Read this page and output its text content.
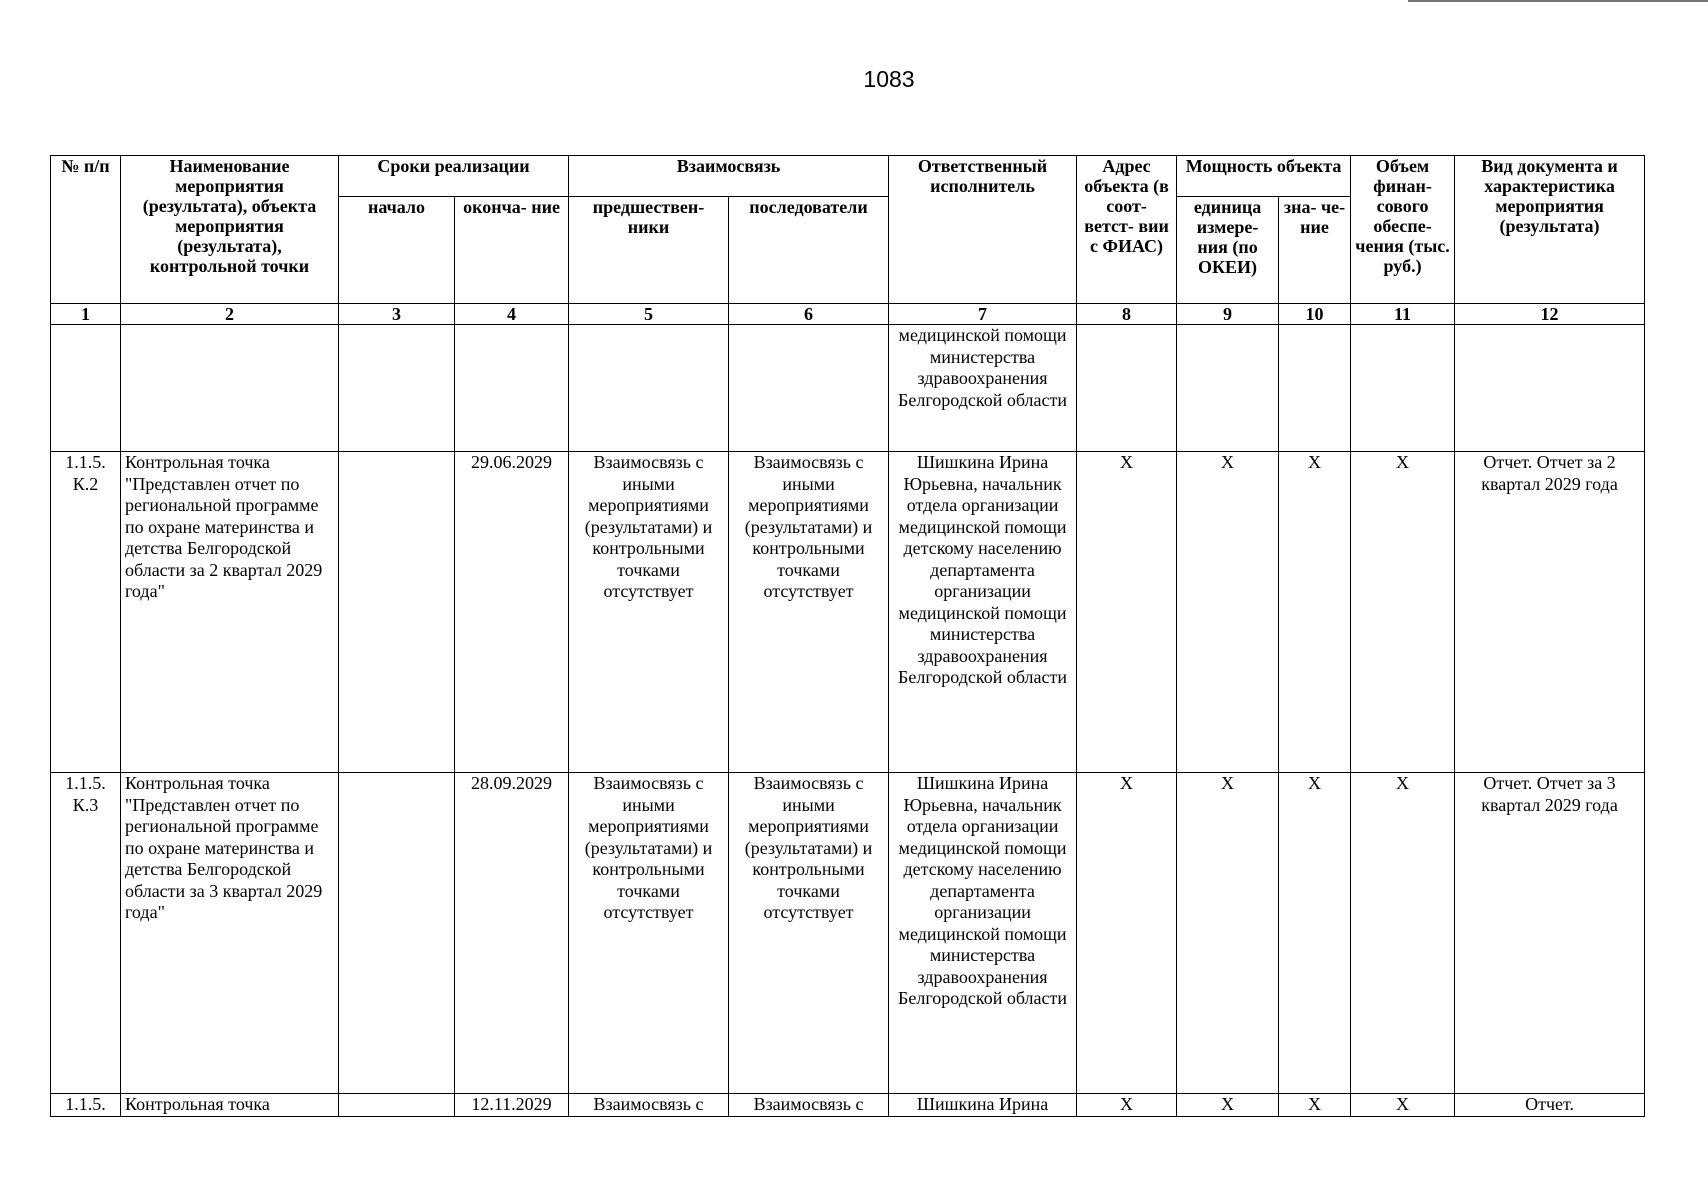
1083
№ п/п	Наименование мероприятия (результата), объекта мероприятия (результата), контрольной точки	Сроки реализации		Взаимосвязь		Ответственный исполнитель	Адрес объекта (в соот- ветст- вии с ФИАС)	Мощность объекта		Объем финан- сового обеспе- чения (тыс. руб.)	Вид документа и характеристика мероприятия (результата)
		начало	оконча- ние	предшествен- ники	последователи			единица измере- ния (по ОКЕИ)	зна- че- ние		
1	2	3	4	5	6	7	8	9	10	11	12
						медицинской помощи министерства здравоохранения Белгородской области					
1.1.5. К.2	Контрольная точка "Представлен отчет по региональной программе по охране материнства и детства Белгородской области за 2 квартал 2029 года"		29.06.2029	Взаимосвязь с иными мероприятиями (результатами) и контрольными точками отсутствует	Взаимосвязь с иными мероприятиями (результатами) и контрольными точками отсутствует	Шишкина Ирина Юрьевна, начальник отдела организации медицинской помощи детскому населению департамента организации медицинской помощи министерства здравоохранения Белгородской области	X	X	X	X	Отчет. Отчет за 2 квартал 2029 года
1.1.5. К.3	Контрольная точка "Представлен отчет по региональной программе по охране материнства и детства Белгородской области за 3 квартал 2029 года"		28.09.2029	Взаимосвязь с иными мероприятиями (результатами) и контрольными точками отсутствует	Взаимосвязь с иными мероприятиями (результатами) и контрольными точками отсутствует	Шишкина Ирина Юрьевна, начальник отдела организации медицинской помощи детскому населению департамента организации медицинской помощи министерства здравоохранения Белгородской области	X	X	X	X	Отчет. Отчет за 3 квартал 2029 года
1.1.5.	Контрольная точка		12.11.2029	Взаимосвязь с	Взаимосвязь с	Шишкина Ирина	X	X	X	X	Отчет.
